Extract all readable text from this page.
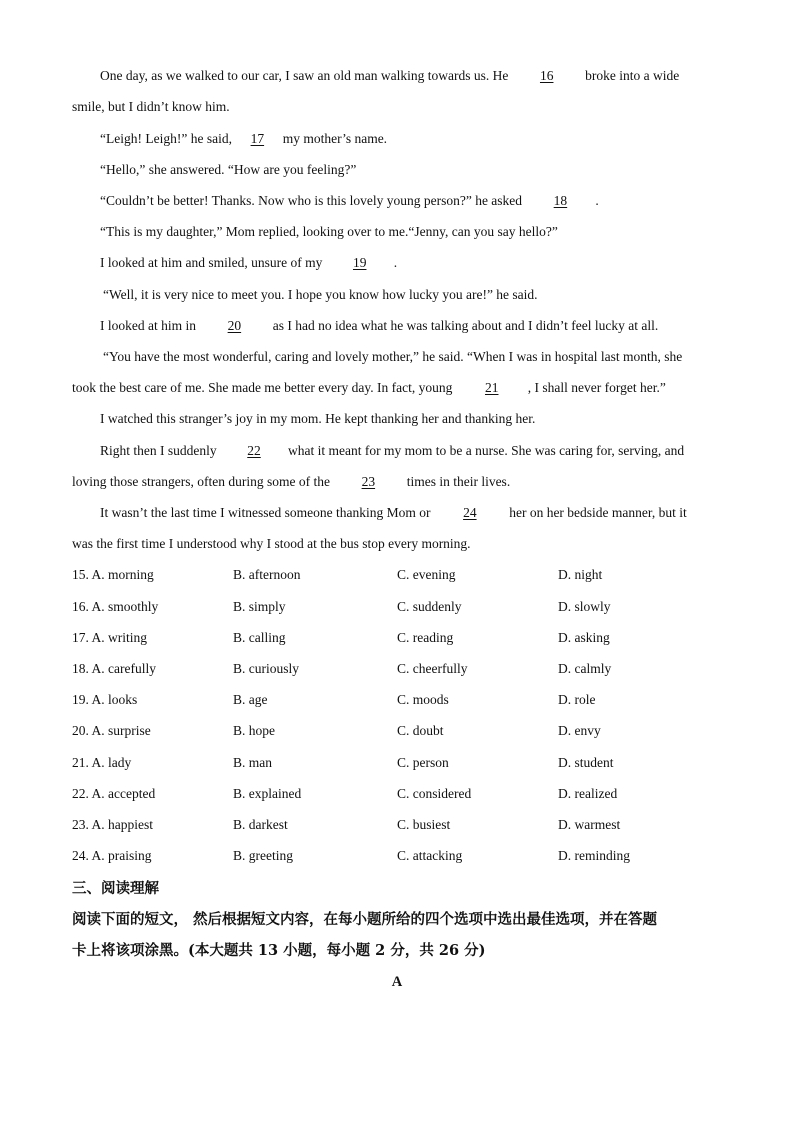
One day, as we walked to our car, I saw an old man walking towards us. He 16 broke into a wide
smile, but I didn’t know him.
“Leigh! Leigh!” he said, 17 my mother’s name.
“Hello,” she answered. “How are you feeling?”
“Couldn’t be better! Thanks. Now who is this lovely young person?” he asked 18 .
“This is my daughter,” Mom replied, looking over to me.“Jenny, can you say hello?”
I looked at him and smiled, unsure of my 19 .
“Well, it is very nice to meet you. I hope you know how lucky you are!” he said.
I looked at him in 20 as I had no idea what he was talking about and I didn’t feel lucky at all.
“You have the most wonderful, caring and lovely mother,” he said. “When I was in hospital last month, she
took the best care of me. She made me better every day. In fact, young 21 , I shall never forget her.”
I watched this stranger’s joy in my mom. He kept thanking her and thanking her.
Right then I suddenly 22 what it meant for my mom to be a nurse. She was caring for, serving, and
loving those strangers, often during some of the 23 times in their lives.
It wasn’t the last time I witnessed someone thanking Mom or 24 her on her bedside manner, but it
was the first time I understood why I stood at the bus stop every morning.
15. A. morning	B. afternoon	C. evening	D. night
16. A. smoothly	B. simply	C. suddenly	D. slowly
17. A. writing	B. calling	C. reading	D. asking
18. A. carefully	B. curiously	C. cheerfully	D. calmly
19. A. looks	B. age	C. moods	D. role
20. A. surprise	B. hope	C. doubt	D. envy
21. A. lady	B. man	C. person	D. student
22. A. accepted	B. explained	C. considered	D. realized
23. A. happiest	B. darkest	C. busiest	D. warmest
24. A. praising	B. greeting	C. attacking	D. reminding
三、阅读理解
阅读下面的短文， 然后根据短文内容，在每小题所给的四个选项中选出最佳选项，并在答题
卡上将该项涂黑。(本大题共 13 小题，每小题 2 分，共 26 分)
A
